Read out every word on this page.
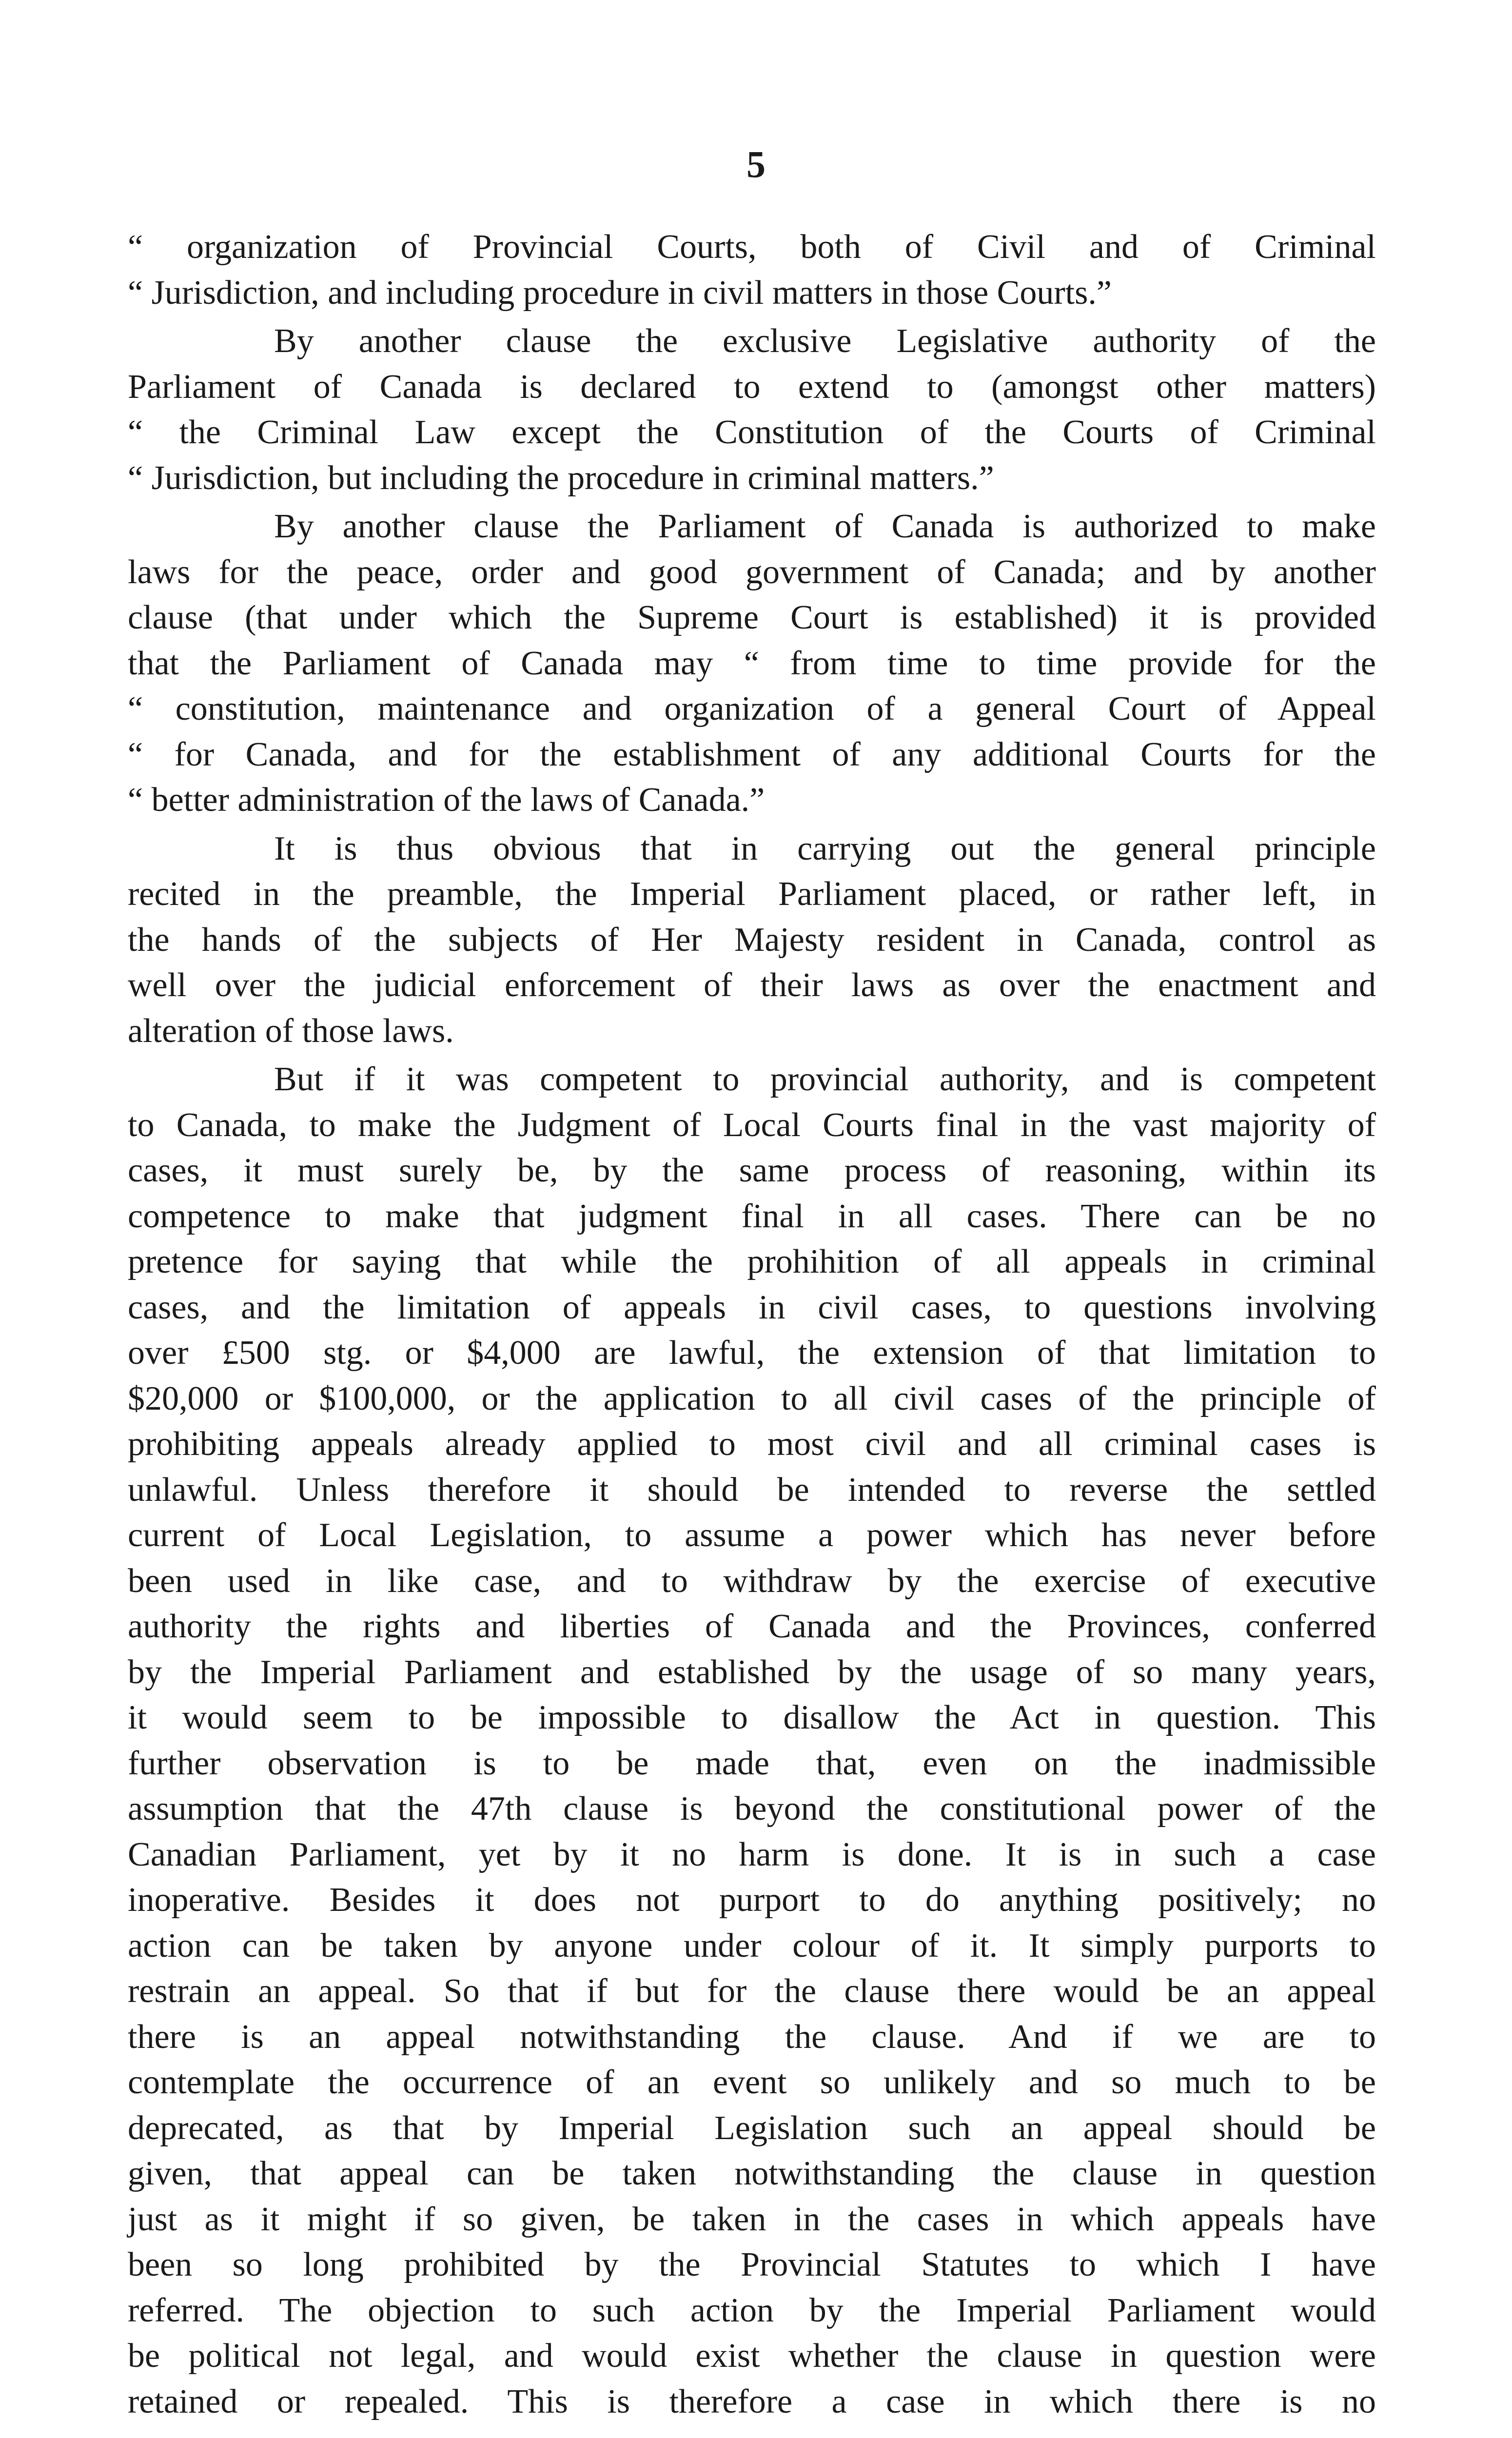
5
“ organization of Provincial Courts, both of Civil and of Criminal
“ Jurisdiction, and including procedure in civil matters in those Courts.”
By another clause the exclusive Legislative authority of the
Parliament of Canada is declared to extend to (amongst other matters)
“ the Criminal Law except the Constitution of the Courts of Criminal
“ Jurisdiction, but including the procedure in criminal matters.”
By another clause the Parliament of Canada is authorized to make
laws for the peace, order and good government of Canada; and by another
clause (that under which the Supreme Court is established) it is provided
that the Parliament of Canada may “ from time to time provide for the
“ constitution, maintenance and organization of a general Court of Appeal
“ for Canada, and for the establishment of any additional Courts for the
“ better administration of the laws of Canada.”
It is thus obvious that in carrying out the general principle
recited in the preamble, the Imperial Parliament placed, or rather left, in
the hands of the subjects of Her Majesty resident in Canada, control as
well over the judicial enforcement of their laws as over the enactment and
alteration of those laws.
But if it was competent to provincial authority, and is competent
to Canada, to make the Judgment of Local Courts final in the vast majority of
cases, it must surely be, by the same process of reasoning, within its
competence to make that judgment final in all cases. There can be no
pretence for saying that while the prohihition of all appeals in criminal
cases, and the limitation of appeals in civil cases, to questions involving
over £500 stg. or $4,000 are lawful, the extension of that limitation to
$20,000 or $100,000, or the application to all civil cases of the principle of
prohibiting appeals already applied to most civil and all criminal cases is
unlawful. Unless therefore it should be intended to reverse the settled
current of Local Legislation, to assume a power which has never before
been used in like case, and to withdraw by the exercise of executive
authority the rights and liberties of Canada and the Provinces, conferred
by the Imperial Parliament and established by the usage of so many years,
it would seem to be impossible to disallow the Act in question. This
further observation is to be made that, even on the inadmissible
assumption that the 47th clause is beyond the constitutional power of the
Canadian Parliament, yet by it no harm is done. It is in such a case
inoperative. Besides it does not purport to do anything positively; no
action can be taken by anyone under colour of it. It simply purports to
restrain an appeal. So that if but for the clause there would be an appeal
there is an appeal notwithstanding the clause. And if we are to
contemplate the occurrence of an event so unlikely and so much to be
deprecated, as that by Imperial Legislation such an appeal should be
given, that appeal can be taken notwithstanding the clause in question
just as it might if so given, be taken in the cases in which appeals have
been so long prohibited by the Provincial Statutes to which I have
referred. The objection to such action by the Imperial Parliament would
be political not legal, and would exist whether the clause in question were
retained or repealed. This is therefore a case in which there is no
